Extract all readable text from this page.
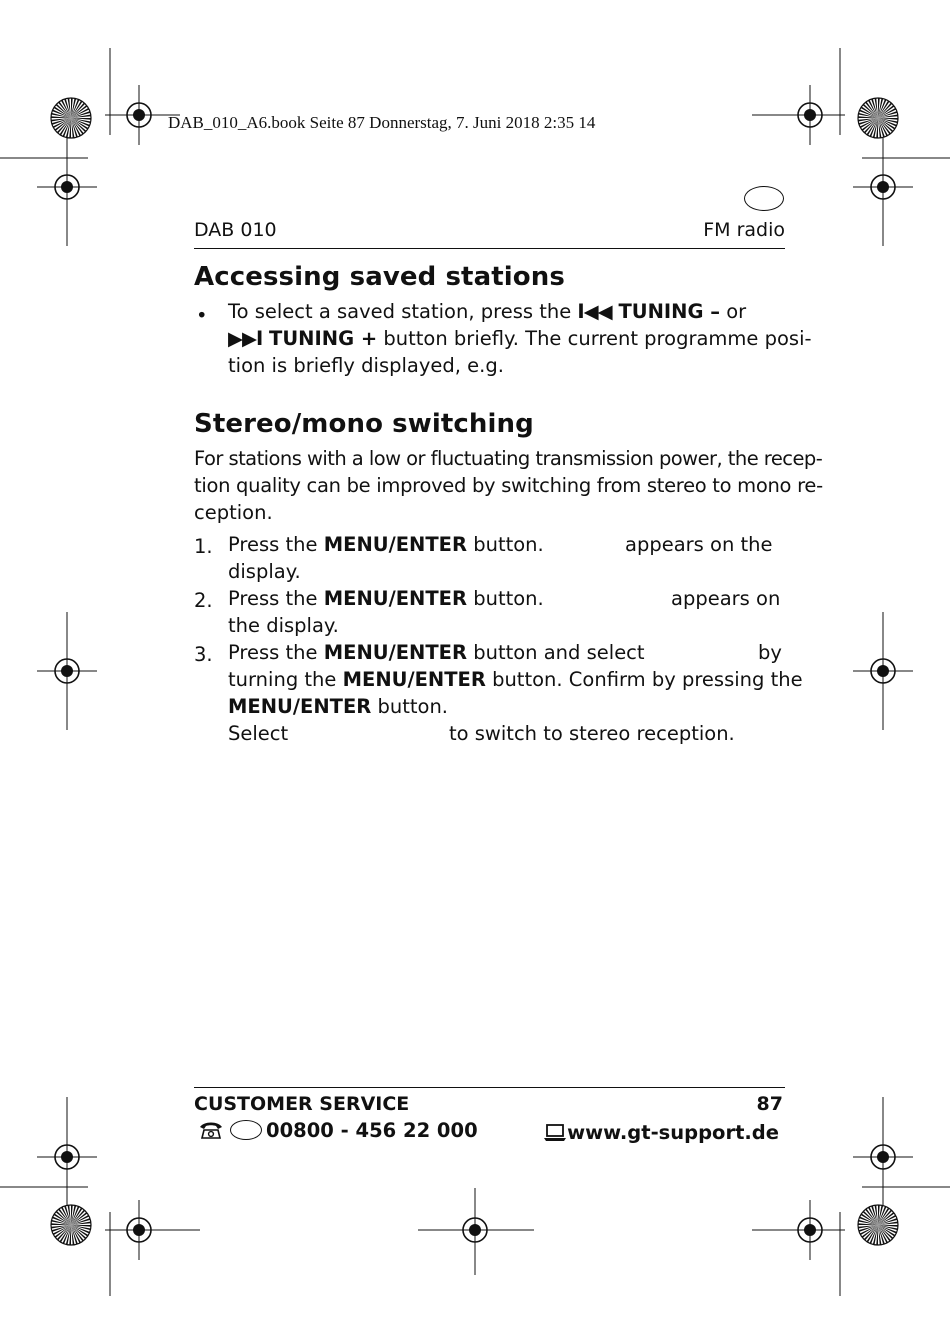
DAB_010_A6.book Seite 87 Donnerstag, 7. Juni 2018 2:35 14
DAB 010	FM radio
Accessing saved stations
• To select a saved station, press the I◀◀ TUNING – or
▶▶I TUNING + button briefly. The current programme posi-
tion is briefly displayed, e.g.
Stereo/mono switching
For stations with a low or fluctuating transmission power, the recep-
tion quality can be improved by switching from stereo to mono re-
ception.
1. Press the MENU/ENTER button.	appears on the
display.
2. Press the MENU/ENTER button.	appears on
the display.
3. Press the MENU/ENTER button and select	by
turning the MENU/ENTER button. Confirm by pressing the
MENU/ENTER button.
Select	to switch to stereo reception.
CUSTOMER SERVICE	87
00800 - 456 22 000	www.gt-support.de
